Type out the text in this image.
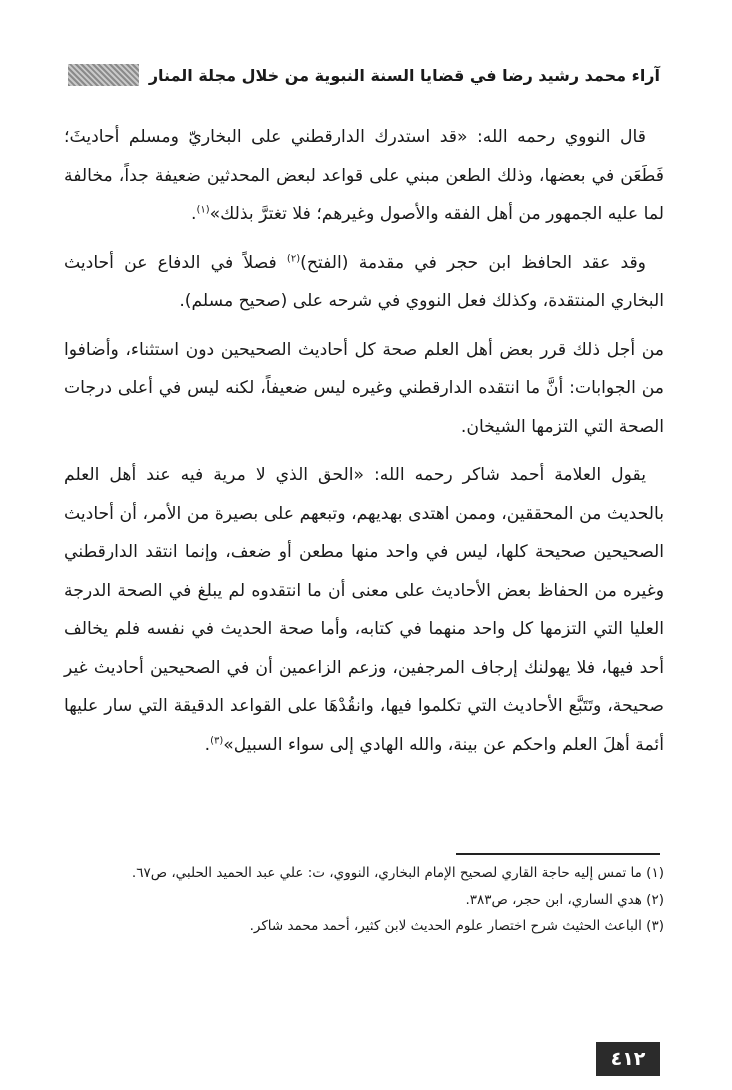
آراء محمد رشيد رضا في قضايا السنة النبوية من خلال مجلة المنار

قال النووي رحمه الله: «قد استدرك الدارقطني على البخاريّ ومسلم أحاديثَ؛ فَطَعَن في بعضها، وذلك الطعن مبني على قواعد لبعض المحدثين ضعيفة جداً، مخالفة لما عليه الجمهور من أهل الفقه والأصول وغيرهم؛ فلا تغترَّ بذلك»$^{(١)}$.

وقد عقد الحافظ ابن حجر في مقدمة (الفتح)$^{(٢)}$ فصلاً في الدفاع عن أحاديث البخاري المنتقدة، وكذلك فعل النووي في شرحه على (صحيح مسلم).

من أجل ذلك قرر بعض أهل العلم صحة كل أحاديث الصحيحين دون استثناء، وأضافوا من الجوابات: أنَّ ما انتقده الدارقطني وغيره ليس ضعيفاً، لكنه ليس في أعلى درجات الصحة التي التزمها الشيخان.

يقول العلامة أحمد شاكر رحمه الله: «الحق الذي لا مرية فيه عند أهل العلم بالحديث من المحققين، وممن اهتدى بهديهم، وتبعهم على بصيرة من الأمر، أن أحاديث الصحيحين صحيحة كلها، ليس في واحد منها مطعن أو ضعف، وإنما انتقد الدارقطني وغيره من الحفاظ بعض الأحاديث على معنى أن ما انتقدوه لم يبلغ في الصحة الدرجة العليا التي التزمها كل واحد منهما في كتابه، وأما صحة الحديث في نفسه فلم يخالف أحد فيها، فلا يهولنك إرجاف المرجفين، وزعم الزاعمين أن في الصحيحين أحاديث غير صحيحة، وتَتَبَّع الأحاديث التي تكلموا فيها، وانقُدْهَا على القواعد الدقيقة التي سار عليها أئمة أهلَ العلم واحكم عن بينة، والله الهادي إلى سواء السبيل»$^{(٣)}$.

(١) ما تمس إليه حاجة القاري لصحيح الإمام البخاري، النووي، ت: علي عبد الحميد الحلبي، ص٦٧.
(٢) هدي الساري، ابن حجر، ص٣٨٣.
(٣) الباعث الحثيث شرح اختصار علوم الحديث لابن كثير، أحمد محمد شاكر.
٤١٢
